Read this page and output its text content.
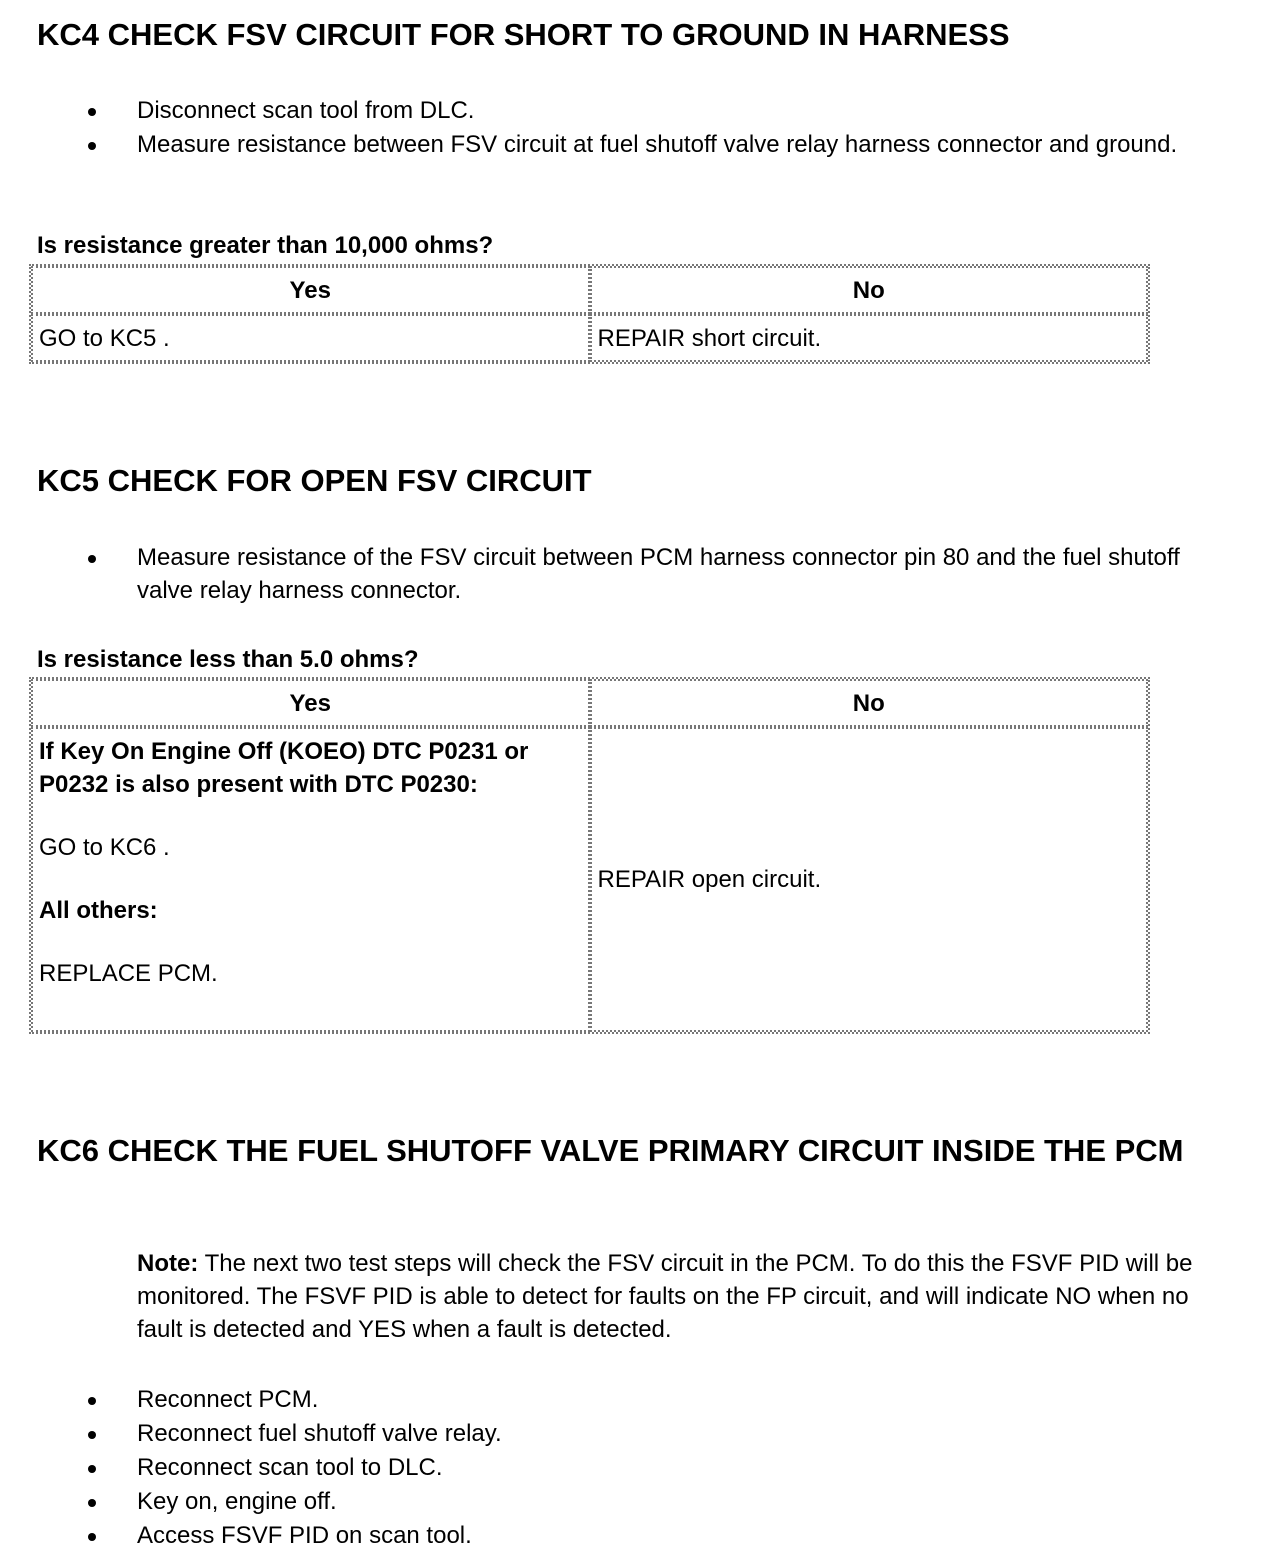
KC4 CHECK FSV CIRCUIT FOR SHORT TO GROUND IN HARNESS
Disconnect scan tool from DLC.
Measure resistance between FSV circuit at fuel shutoff valve relay harness connector and ground.

Is resistance greater than 10,000 ohms?

Yes	No
GO to KC5 .	REPAIR short circuit.
KC5 CHECK FOR OPEN FSV CIRCUIT
Measure resistance of the FSV circuit between PCM harness connector pin 80 and the fuel shutoff valve relay harness connector.

Is resistance less than 5.0 ohms?

Yes	No

If Key On Engine Off (KOEO) DTC P0231 or P0232 is also present with DTC P0230:

GO to KC6 .

All others:

REPLACE PCM.	REPAIR open circuit.
KC6 CHECK THE FUEL SHUTOFF VALVE PRIMARY CIRCUIT INSIDE THE PCM

Note: The next two test steps will check the FSV circuit in the PCM. To do this the FSVF PID will be monitored. The FSVF PID is able to detect for faults on the FP circuit, and will indicate NO when no fault is detected and YES when a fault is detected.

Reconnect PCM.
Reconnect fuel shutoff valve relay.
Reconnect scan tool to DLC.
Key on, engine off.
Access FSVF PID on scan tool.
